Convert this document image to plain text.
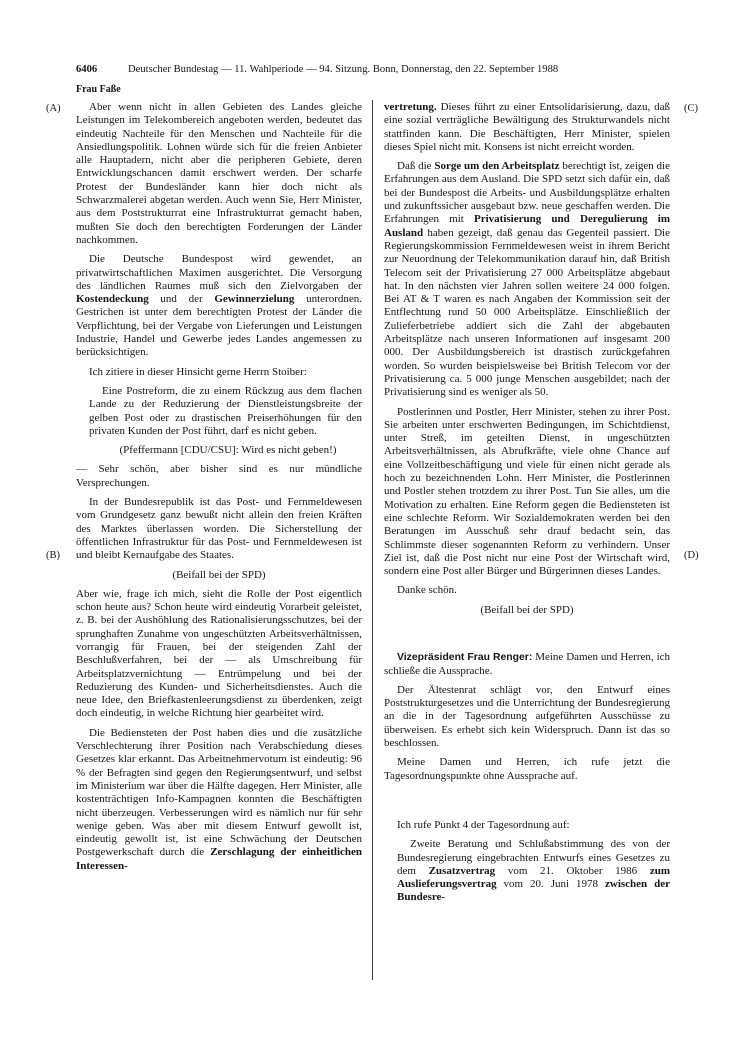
6406	Deutscher Bundestag — 11. Wahlperiode — 94. Sitzung. Bonn, Donnerstag, den 22. September 1988
Frau Faße
(A)
(B)
(C)
(D)

Aber wenn nicht in allen Gebieten des Landes gleiche Leistungen im Telekombereich angeboten werden, bedeutet das eindeutig Nachteile für den Menschen und Nachteile für die Ansiedlungspolitik. Lohnen würde sich für die freien Anbieter alle Hauptadern, nicht aber die peripheren Gebiete, deren Entwicklungschancen damit erschwert werden. Der scharfe Protest der Bundesländer kann hier doch nicht als Schwarzmalerei abgetan werden. Auch wenn Sie, Herr Minister, aus dem Poststrukturrat eine Infrastrukturrat gemacht haben, mußten Sie doch den berechtigten Forderungen der Länder nachkommen.

Die Deutsche Bundespost wird gewendet, an privatwirtschaftlichen Maximen ausgerichtet. Die Versorgung des ländlichen Raumes muß sich den Zielvorgaben der Kostendeckung und der Gewinnerzielung unterordnen. Gestrichen ist unter dem berechtigten Protest der Länder die Verpflichtung, bei der Vergabe von Lieferungen und Leistungen Industrie, Handel und Gewerbe jedes Landes angemessen zu berücksichtigen.

Ich zitiere in dieser Hinsicht gerne Herrn Stoiber:

Eine Postreform, die zu einem Rückzug aus dem flachen Lande zu der Reduzierung der Dienstleistungsbreite der gelben Post oder zu drastischen Preiserhöhungen für den privaten Kunden der Post führt, darf es nicht geben.

(Pfeffermann [CDU/CSU]: Wird es nicht geben!)

— Sehr schön, aber bisher sind es nur mündliche Versprechungen.

In der Bundesrepublik ist das Post- und Fernmeldewesen vom Grundgesetz ganz bewußt nicht allein den freien Kräften des Marktes überlassen worden. Die Sicherstellung der öffentlichen Infrastruktur für das Post- und Fernmeldewesen ist und bleibt Kernaufgabe des Staates.

(Beifall bei der SPD)

Aber wie, frage ich mich, sieht die Rolle der Post eigentlich schon heute aus? Schon heute wird eindeutig Vorarbeit geleistet, z. B. bei der Aushöhlung des Rationalisierungsschutzes, bei der sprunghaften Zunahme von ungeschützten Arbeitsverhältnissen, vorrangig für Frauen, bei der steigenden Zahl der Beschlußverfahren, bei der — als Umschreibung für Arbeitsplatzvernichtung — Entrümpelung und bei der Reduzierung des Kunden- und Sicherheitsdienstes. Auch die neue Idee, den Briefkastenleerungsdienst zu überdenken, zeigt doch eindeutig, in welche Richtung hier gearbeitet wird.

Die Bediensteten der Post haben dies und die zusätzliche Verschlechterung ihrer Position nach Verabschiedung dieses Gesetzes klar erkannt. Das Arbeitnehmervotum ist eindeutig: 96 % der Befragten sind gegen den Regierungsentwurf, und selbst im Ministerium war über die Hälfte dagegen. Herr Minister, alle kostenträchtigen Info-Kampagnen konnten die Beschäftigten nicht überzeugen. Verbesserungen wird es nämlich nur für sehr wenige geben. Was aber mit diesem Entwurf gewollt ist, eindeutig gewollt ist, ist eine Schwächung der Deutschen Postgewerkschaft durch die Zerschlagung der einheitlichen Interessen-

vertretung. Dieses führt zu einer Entsolidarisierung, dazu, daß eine sozial verträgliche Bewältigung des Strukturwandels nicht stattfinden kann. Die Beschäftigten, Herr Minister, spielen dieses Spiel nicht mit. Konsens ist nicht erreicht worden.

Daß die Sorge um den Arbeitsplatz berechtigt ist, zeigen die Erfahrungen aus dem Ausland. Die SPD setzt sich dafür ein, daß bei der Bundespost die Arbeits- und Ausbildungsplätze erhalten und zukunftssicher ausgebaut bzw. neue geschaffen werden. Die Erfahrungen mit Privatisierung und Deregulierung im Ausland haben gezeigt, daß genau das Gegenteil passiert. Die Regierungskommission Fernmeldewesen weist in ihrem Bericht zur Neuordnung der Telekommunikation darauf hin, daß British Telecom seit der Privatisierung 27 000 Arbeitsplätze abgebaut hat. In den nächsten vier Jahren sollen weitere 24 000 folgen. Bei AT & T waren es nach Angaben der Kommission seit der Entflechtung rund 50 000 Arbeitsplätze. Einschließlich der Zulieferbetriebe addiert sich die Zahl der abgebauten Arbeitsplätze nach unseren Informationen auf insgesamt 200 000. Der Ausbildungsbereich ist drastisch zurückgefahren worden. So wurden beispielsweise bei British Telecom vor der Privatisierung ca. 5 000 junge Menschen ausgebildet; nach der Privatisierung sind es weniger als 50.

Postlerinnen und Postler, Herr Minister, stehen zu ihrer Post. Sie arbeiten unter erschwerten Bedingungen, im Schichtdienst, unter Streß, im geteilten Dienst, in ungeschützten Arbeitsverhältnissen, als Abrufkräfte, viele ohne Chance auf eine Vollzeitbeschäftigung und viele für einen nicht gerade als hoch zu bezeichnenden Lohn. Herr Minister, die Postlerinnen und Postler stehen trotzdem zu ihrer Post. Tun Sie alles, um die Motivation zu erhalten. Eine Reform gegen die Bediensteten ist eine schlechte Reform. Wir Sozialdemokraten werden bei den Beratungen im Ausschuß sehr drauf bedacht sein, das Schlimmste dieser sogenannten Reform zu verhindern. Unser Ziel ist, daß die Post nicht nur eine Post der Wirtschaft wird, sondern eine Post aller Bürger und Bürgerinnen dieses Landes.

Danke schön.

(Beifall bei der SPD)

Vizepräsident Frau Renger: Meine Damen und Herren, ich schließe die Aussprache.

Der Ältestenrat schlägt vor, den Entwurf eines Poststrukturgesetzes und die Unterrichtung der Bundesregierung an die in der Tagesordnung aufgeführten Ausschüsse zu überweisen. Es erhebt sich kein Widerspruch. Dann ist das so beschlossen.

Meine Damen und Herren, ich rufe jetzt die Tagesordnungspunkte ohne Aussprache auf.

Ich rufe Punkt 4 der Tagesordnung auf:

Zweite Beratung und Schlußabstimmung des von der Bundesregierung eingebrachten Entwurfs eines Gesetzes zu dem Zusatzvertrag vom 21. Oktober 1986 zum Auslieferungsvertrag vom 20. Juni 1978 zwischen der Bundesre-
